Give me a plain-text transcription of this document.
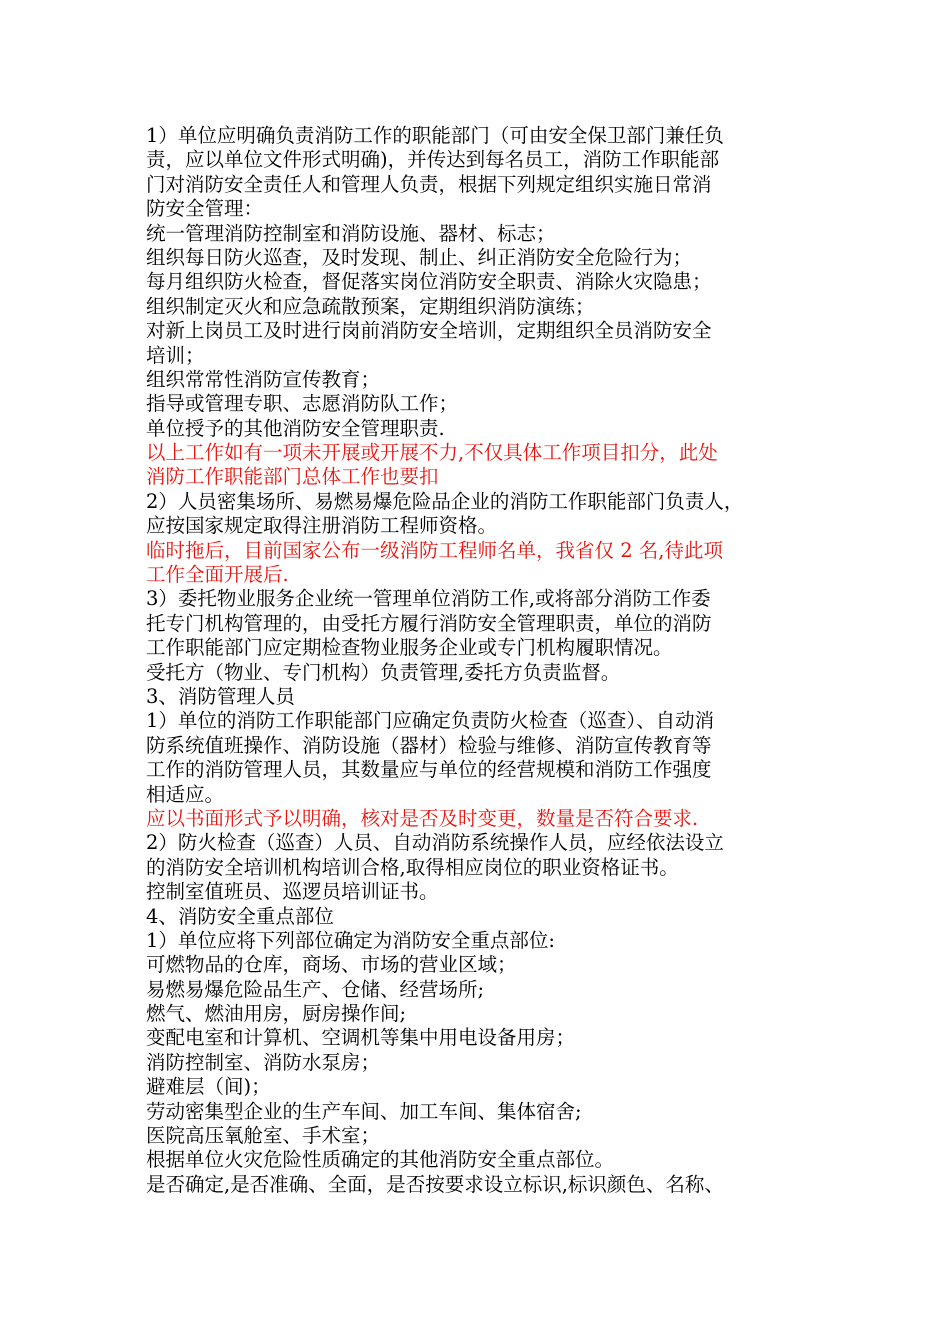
1）单位应明确负责消防工作的职能部门（可由安全保卫部门兼任负
责，应以单位文件形式明确)，并传达到每名员工，消防工作职能部
门对消防安全责任人和管理人负责，根据下列规定组织实施日常消
防安全管理：
统一管理消防控制室和消防设施、器材、标志；
组织每日防火巡查，及时发现、制止、纠正消防安全危险行为；
每月组织防火检查，督促落实岗位消防安全职责、消除火灾隐患；
组织制定灭火和应急疏散预案，定期组织消防演练；
对新上岗员工及时进行岗前消防安全培训，定期组织全员消防安全
培训；
组织常常性消防宣传教育；
指导或管理专职、志愿消防队工作；
单位授予的其他消防安全管理职责.
以上工作如有一项未开展或开展不力,不仅具体工作项目扣分，此处
消防工作职能部门总体工作也要扣
2）人员密集场所、易燃易爆危险品企业的消防工作职能部门负责人，
应按国家规定取得注册消防工程师资格。
临时拖后，目前国家公布一级消防工程师名单，我省仅 2 名,待此项
工作全面开展后.
3）委托物业服务企业统一管理单位消防工作,或将部分消防工作委
托专门机构管理的，由受托方履行消防安全管理职责，单位的消防
工作职能部门应定期检查物业服务企业或专门机构履职情况。
受托方（物业、专门机构）负责管理,委托方负责监督。
3、消防管理人员
1）单位的消防工作职能部门应确定负责防火检查（巡查）、自动消
防系统值班操作、消防设施（器材）检验与维修、消防宣传教育等
工作的消防管理人员，其数量应与单位的经营规模和消防工作强度
相适应。
应以书面形式予以明确，核对是否及时变更，数量是否符合要求.
2）防火检查（巡查）人员、自动消防系统操作人员，应经依法设立
的消防安全培训机构培训合格,取得相应岗位的职业资格证书。
控制室值班员、巡逻员培训证书。
4、消防安全重点部位
1）单位应将下列部位确定为消防安全重点部位:
可燃物品的仓库，商场、市场的营业区域；
易燃易爆危险品生产、仓储、经营场所;
燃气、燃油用房，厨房操作间;
变配电室和计算机、空调机等集中用电设备用房；
消防控制室、消防水泵房；
避难层（间)；
劳动密集型企业的生产车间、加工车间、集体宿舍;
医院高压氧舱室、手术室；
根据单位火灾危险性质确定的其他消防安全重点部位。
是否确定,是否准确、全面，是否按要求设立标识,标识颜色、名称、
